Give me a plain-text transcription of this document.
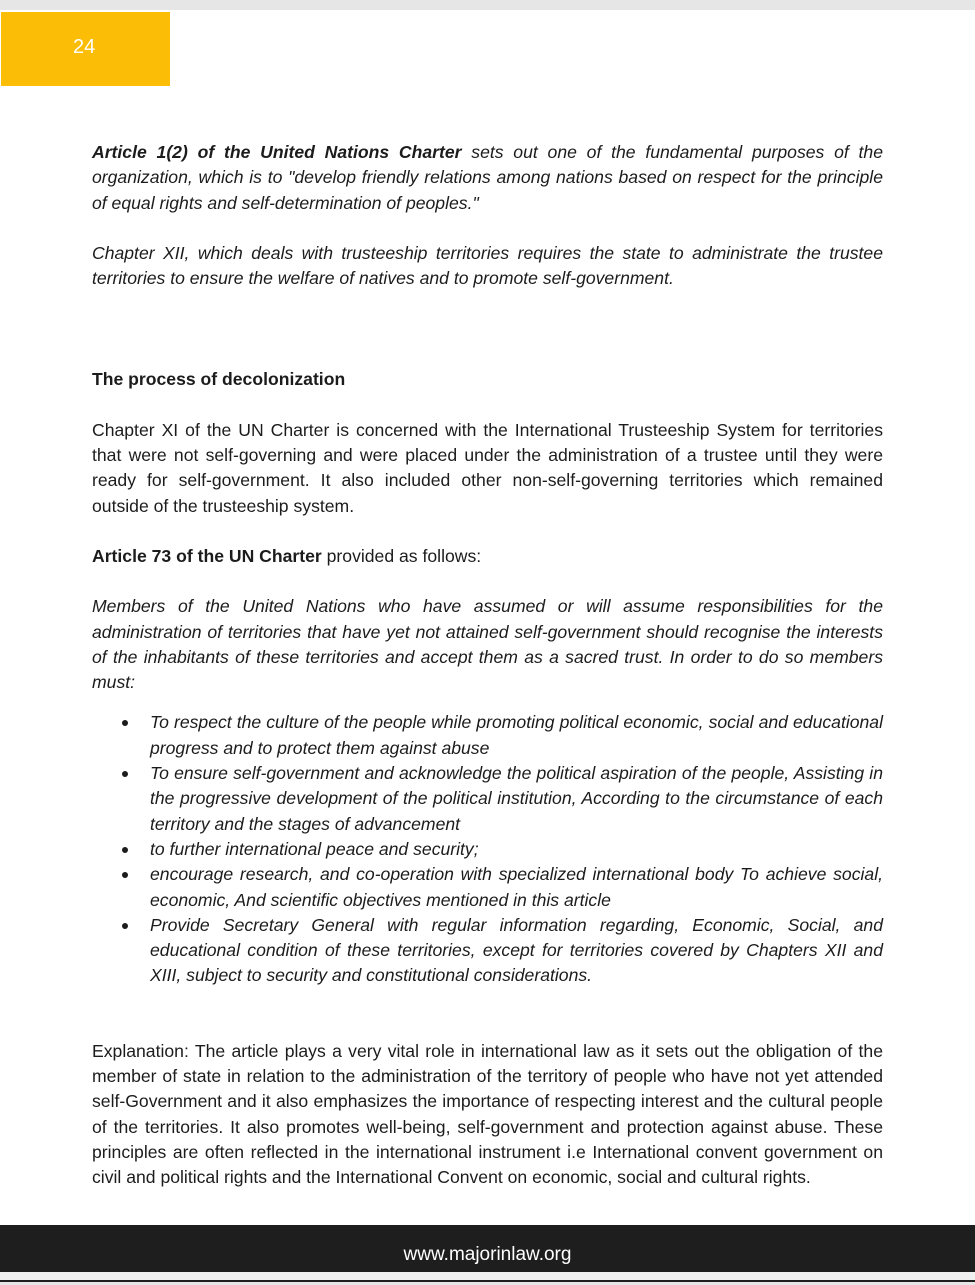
24

Article 1(2) of the United Nations Charter sets out one of the fundamental purposes of the organization, which is to "develop friendly relations among nations based on respect for the principle of equal rights and self-determination of peoples."

Chapter XII, which deals with trusteeship territories requires the state to administrate the trustee territories to ensure the welfare of natives and to promote self-government.

The process of decolonization

Chapter XI of the UN Charter is concerned with the International Trusteeship System for territories that were not self-governing and were placed under the administration of a trustee until they were ready for self-government. It also included other non-self-governing territories which remained outside of the trusteeship system.

Article 73 of the UN Charter provided as follows:

Members of the United Nations who have assumed or will assume responsibilities for the administration of territories that have yet not attained self-government should recognise the interests of the inhabitants of these territories and accept them as a sacred trust. In order to do so members must:

To respect the culture of the people while promoting political economic, social and educational progress and to protect them against abuse
To ensure self-government and acknowledge the political aspiration of the people, Assisting in the progressive development of the political institution, According to the circumstance of each territory and the stages of advancement
to further international peace and security;
encourage research, and co-operation with specialized international body To achieve social, economic, And scientific objectives mentioned in this article
Provide Secretary General with regular information regarding, Economic, Social, and educational condition of these territories, except for territories covered by Chapters XII and XIII, subject to security and constitutional considerations.

Explanation: The article plays a very vital role in international law as it sets out the obligation of the member of state in relation to the administration of the territory of people who have not yet attended self-Government and it also emphasizes the importance of respecting interest and the cultural people of the territories. It also promotes well-being, self-government and protection against abuse. These principles are often reflected in the international instrument i.e International convent government on civil and political rights and the International Convent on economic, social and cultural rights.

www.majorinlaw.org
